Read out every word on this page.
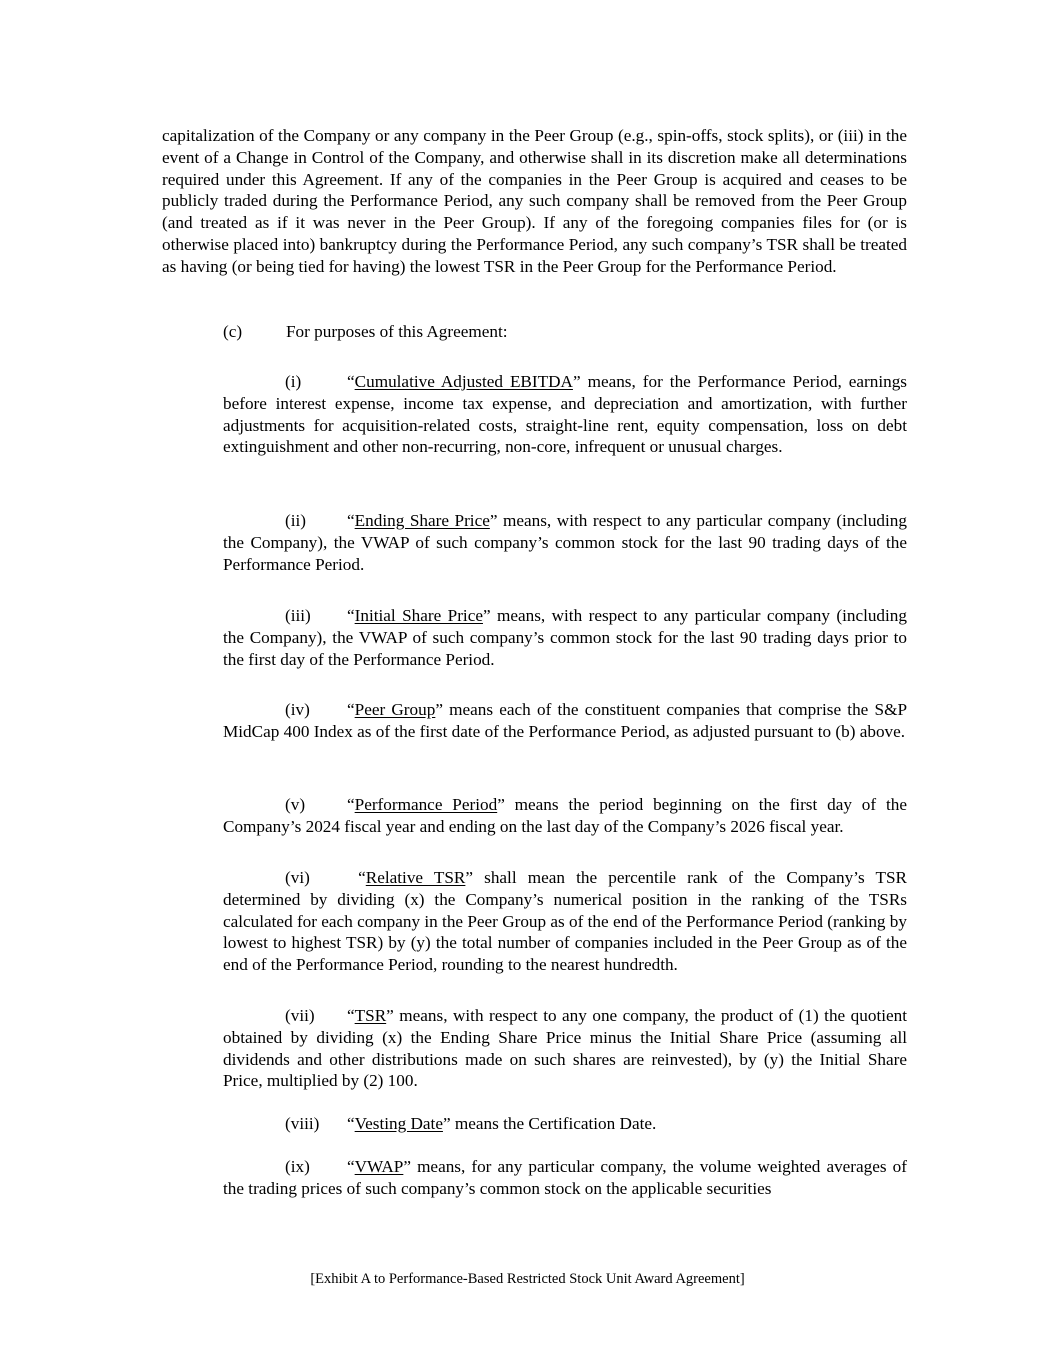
capitalization of the Company or any company in the Peer Group (e.g., spin-offs, stock splits), or (iii) in the event of a Change in Control of the Company, and otherwise shall in its discretion make all determinations required under this Agreement. If any of the companies in the Peer Group is acquired and ceases to be publicly traded during the Performance Period, any such company shall be removed from the Peer Group (and treated as if it was never in the Peer Group). If any of the foregoing companies files for (or is otherwise placed into) bankruptcy during the Performance Period, any such company’s TSR shall be treated as having (or being tied for having) the lowest TSR in the Peer Group for the Performance Period.

(c)	For purposes of this Agreement:

(i)	“Cumulative Adjusted EBITDA” means, for the Performance Period, earnings before interest expense, income tax expense, and depreciation and amortization, with further adjustments for acquisition-related costs, straight-line rent, equity compensation, loss on debt extinguishment and other non-recurring, non-core, infrequent or unusual charges.

(ii) “Ending Share Price” means, with respect to any particular company (including the Company), the VWAP of such company’s common stock for the last 90 trading days of the Performance Period.

(iii) “Initial Share Price” means, with respect to any particular company (including the Company), the VWAP of such company’s common stock for the last 90 trading days prior to the first day of the Performance Period.

(iv) “Peer Group” means each of the constituent companies that comprise the S&P MidCap 400 Index as of the first date of the Performance Period, as adjusted pursuant to (b) above.

(v) “Performance Period” means the period beginning on the first day of the Company’s 2024 fiscal year and ending on the last day of the Company’s 2026 fiscal year.

(vi) “Relative TSR” shall mean the percentile rank of the Company’s TSR determined by dividing (x) the Company’s numerical position in the ranking of the TSRs calculated for each company in the Peer Group as of the end of the Performance Period (ranking by lowest to highest TSR) by (y) the total number of companies included in the Peer Group as of the end of the Performance Period, rounding to the nearest hundredth.

(vii) “TSR” means, with respect to any one company, the product of (1) the quotient obtained by dividing (x) the Ending Share Price minus the Initial Share Price (assuming all dividends and other distributions made on such shares are reinvested), by (y) the Initial Share Price, multiplied by (2) 100.

(viii) “Vesting Date” means the Certification Date.

(ix) “VWAP” means, for any particular company, the volume weighted averages of the trading prices of such company’s common stock on the applicable securities

[Exhibit A to Performance-Based Restricted Stock Unit Award Agreement]
